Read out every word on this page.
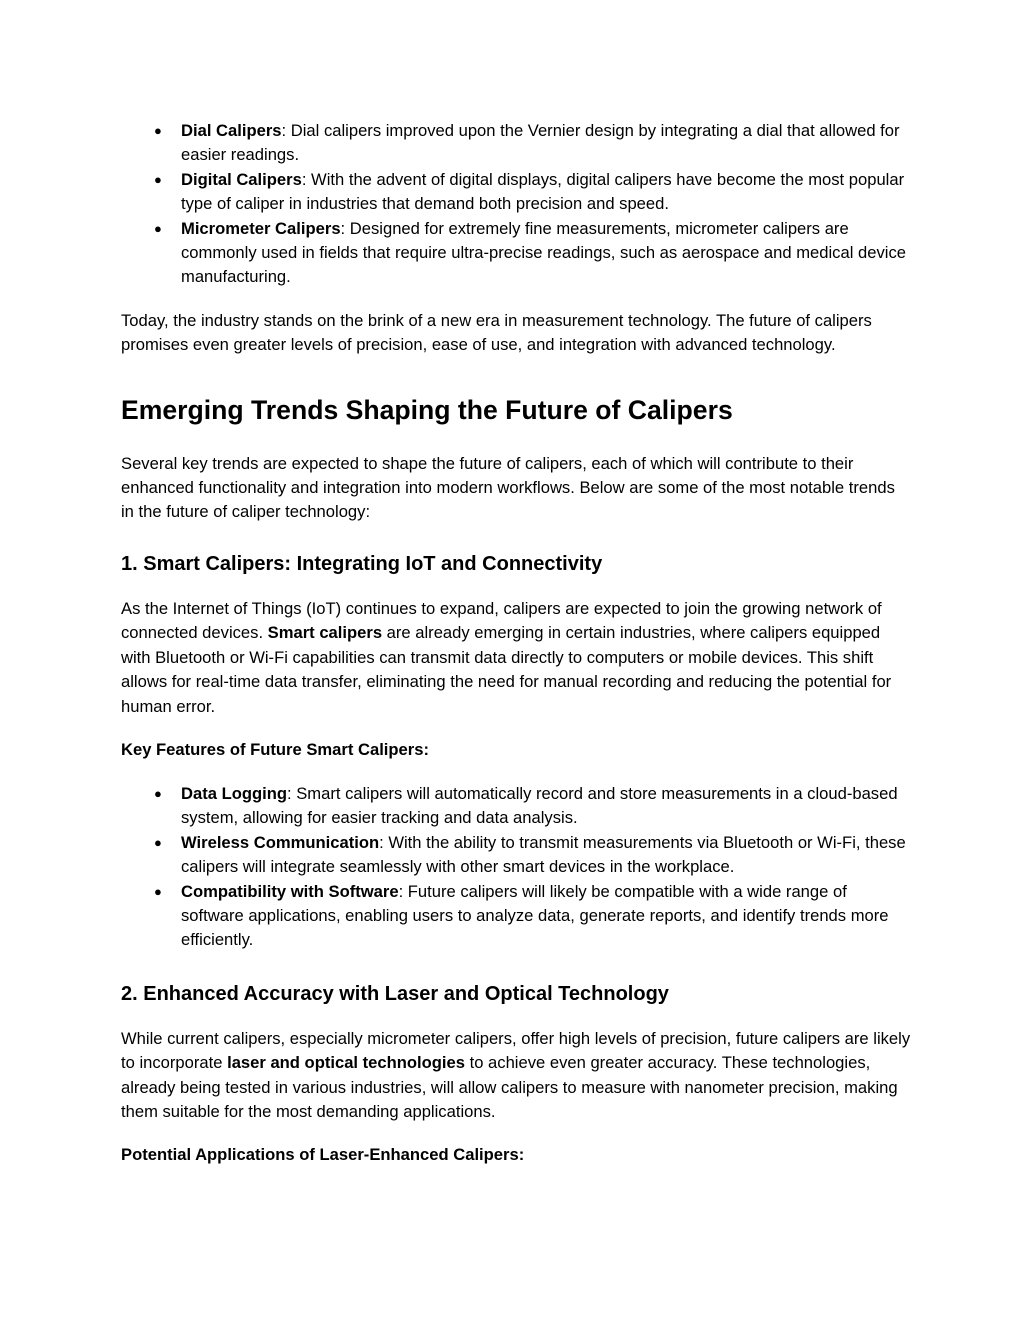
● Dial Calipers: Dial calipers improved upon the Vernier design by integrating a dial that allowed for easier readings.
● Digital Calipers: With the advent of digital displays, digital calipers have become the most popular type of caliper in industries that demand both precision and speed.
● Micrometer Calipers: Designed for extremely fine measurements, micrometer calipers are commonly used in fields that require ultra-precise readings, such as aerospace and medical device manufacturing.

Today, the industry stands on the brink of a new era in measurement technology. The future of calipers promises even greater levels of precision, ease of use, and integration with advanced technology.

Emerging Trends Shaping the Future of Calipers

Several key trends are expected to shape the future of calipers, each of which will contribute to their enhanced functionality and integration into modern workflows. Below are some of the most notable trends in the future of caliper technology:

1. Smart Calipers: Integrating IoT and Connectivity

As the Internet of Things (IoT) continues to expand, calipers are expected to join the growing network of connected devices. Smart calipers are already emerging in certain industries, where calipers equipped with Bluetooth or Wi-Fi capabilities can transmit data directly to computers or mobile devices. This shift allows for real-time data transfer, eliminating the need for manual recording and reducing the potential for human error.

Key Features of Future Smart Calipers:
● Data Logging: Smart calipers will automatically record and store measurements in a cloud-based system, allowing for easier tracking and data analysis.
● Wireless Communication: With the ability to transmit measurements via Bluetooth or Wi-Fi, these calipers will integrate seamlessly with other smart devices in the workplace.
● Compatibility with Software: Future calipers will likely be compatible with a wide range of software applications, enabling users to analyze data, generate reports, and identify trends more efficiently.
2. Enhanced Accuracy with Laser and Optical Technology

While current calipers, especially micrometer calipers, offer high levels of precision, future calipers are likely to incorporate laser and optical technologies to achieve even greater accuracy. These technologies, already being tested in various industries, will allow calipers to measure with nanometer precision, making them suitable for the most demanding applications.

Potential Applications of Laser-Enhanced Calipers:
